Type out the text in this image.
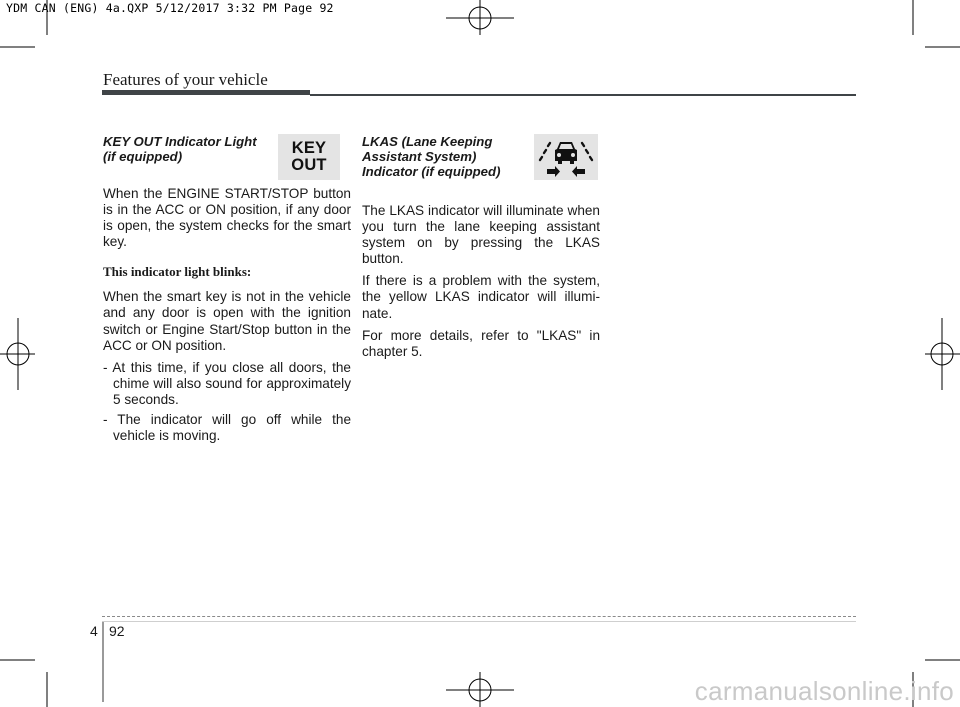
YDM CAN (ENG) 4a.QXP 5/12/2017 3:32 PM Page 92
Features of your vehicle
KEY OUT Indicator Light
(if equipped)	KEY
OUT

When the ENGINE START/STOP button is in the ACC or ON position, if any door is open, the system checks for the smart key.

This indicator light blinks:

When the smart key is not in the vehicle and any door is open with the ignition switch or Engine Start/Stop button in the ACC or ON position.

- At this time, if you close all doors, the chime will also sound for approximately 5 seconds.

- The indicator will go off while the vehicle is moving.

LKAS (Lane Keeping
Assistant System)
Indicator (if equipped)

The LKAS indicator will illuminate when you turn the lane keeping assistant system on by pressing the LKAS button.

If there is a problem with the system, the yellow LKAS indicator will illumi-nate.

For more details, refer to "LKAS" in chapter 5.

4 92
carmanualsonline.info
